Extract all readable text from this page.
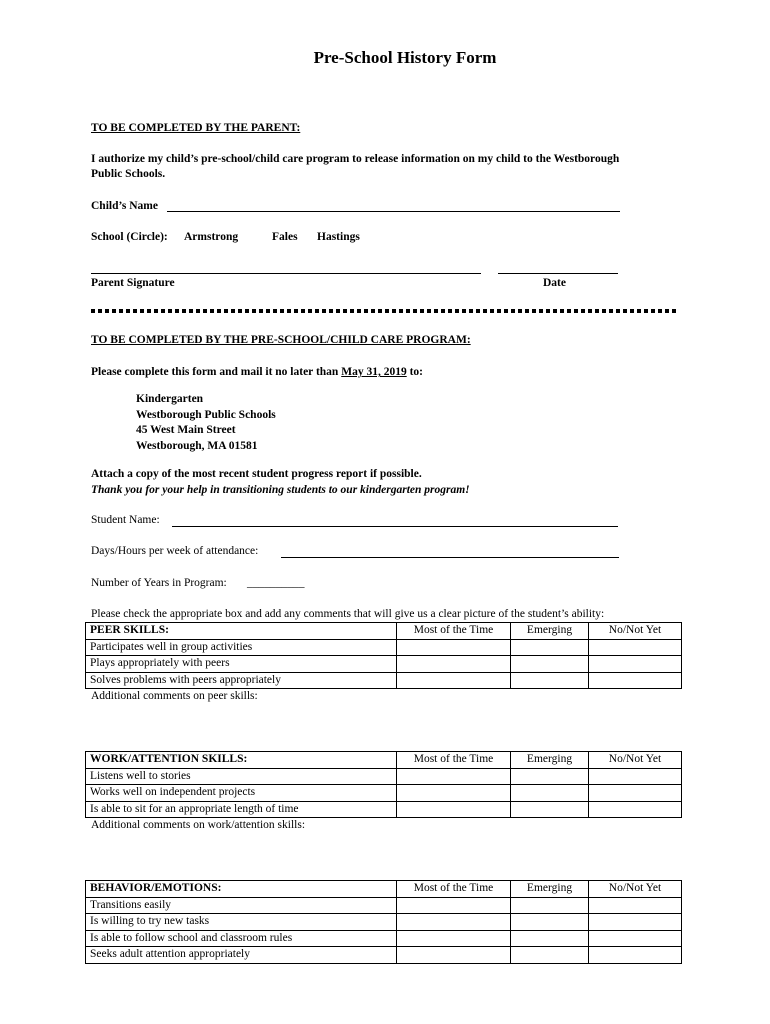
Pre-School History Form
TO BE COMPLETED BY THE PARENT:
I authorize my child’s pre-school/child care program to release information on my child to the Westborough
Public Schools.
Child’s Name
School (Circle): Armstrong	Fales Hastings
Parent Signature	Date
TO BE COMPLETED BY THE PRE-SCHOOL/CHILD CARE PROGRAM:
Please complete this form and mail it no later than May 31, 2019 to:
Kindergarten
Westborough Public Schools
45 West Main Street
Westborough, MA 01581
Attach a copy of the most recent student progress report if possible.
Thank you for your help in transitioning students to our kindergarten program!
Student Name:
Days/Hours per week of attendance:
Number of Years in Program: __________
Please check the appropriate box and add any comments that will give us a clear picture of the student’s ability:
PEER SKILLS:	Most of the Time	Emerging	No/Not Yet
Participates well in group activities			
Plays appropriately with peers			
Solves problems with peers appropriately			
Additional comments on peer skills:
WORK/ATTENTION SKILLS:	Most of the Time	Emerging	No/Not Yet
Listens well to stories			
Works well on independent projects			
Is able to sit for an appropriate length of time			
Additional comments on work/attention skills:
BEHAVIOR/EMOTIONS:	Most of the Time	Emerging	No/Not Yet
Transitions easily			
Is willing to try new tasks			
Is able to follow school and classroom rules			
Seeks adult attention appropriately			
